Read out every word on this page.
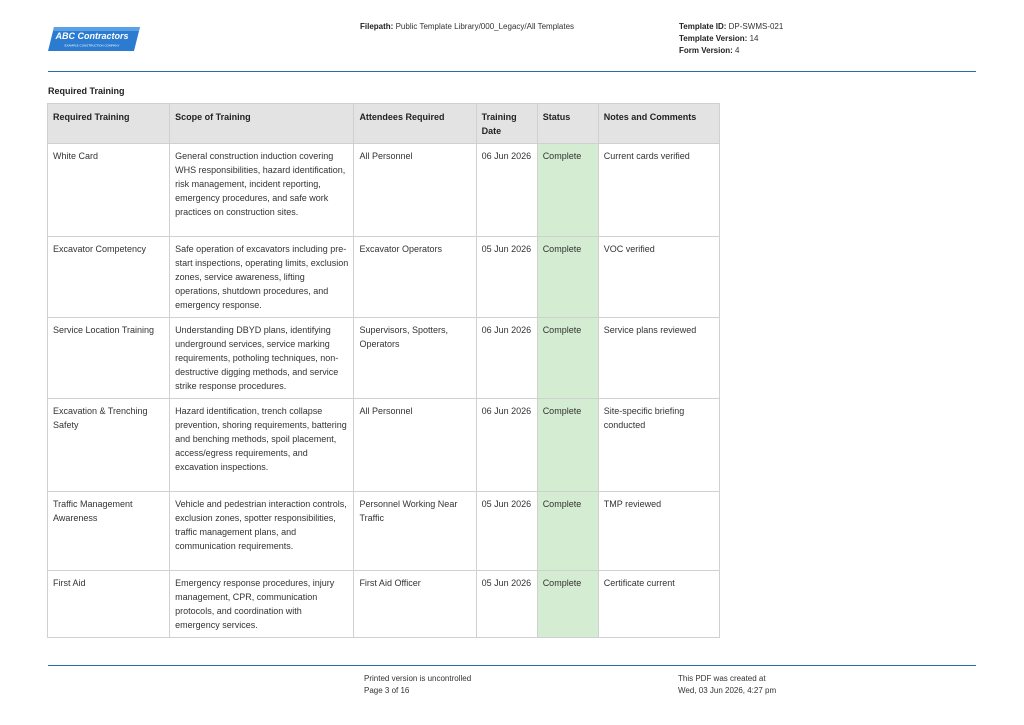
ABC Contractors
EXAMPLE CONSTRUCTION COMPANY
Filepath: Public Template Library/000_Legacy/All Templates	Template ID: DP-SWMS-021
Template Version: 14
Form Version: 4
Required Training
Required Training	Scope of Training	Attendees Required	Training Date	Status	Notes and Comments
White Card	General construction induction covering WHS responsibilities, hazard identification, risk management, incident reporting, emergency procedures, and safe work practices on construction sites.	All Personnel	06 Jun 2026	Complete	Current cards verified
Excavator Competency	Safe operation of excavators including pre-start inspections, operating limits, exclusion zones, service awareness, lifting operations, shutdown procedures, and emergency response.	Excavator Operators	05 Jun 2026	Complete	VOC verified
Service Location Training	Understanding DBYD plans, identifying underground services, service marking requirements, potholing techniques, non-destructive digging methods, and service strike response procedures.	Supervisors, Spotters, Operators	06 Jun 2026	Complete	Service plans reviewed
Excavation & Trenching Safety	Hazard identification, trench collapse prevention, shoring requirements, battering and benching methods, spoil placement, access/egress requirements, and excavation inspections.	All Personnel	06 Jun 2026	Complete	Site-specific briefing conducted
Traffic Management Awareness	Vehicle and pedestrian interaction controls, exclusion zones, spotter responsibilities, traffic management plans, and communication requirements.	Personnel Working Near Traffic	05 Jun 2026	Complete	TMP reviewed
First Aid	Emergency response procedures, injury management, CPR, communication protocols, and coordination with emergency services.	First Aid Officer	05 Jun 2026	Complete	Certificate current
Printed version is uncontrolled
Page 3 of 16
This PDF was created at
Wed, 03 Jun 2026, 4:27 pm
